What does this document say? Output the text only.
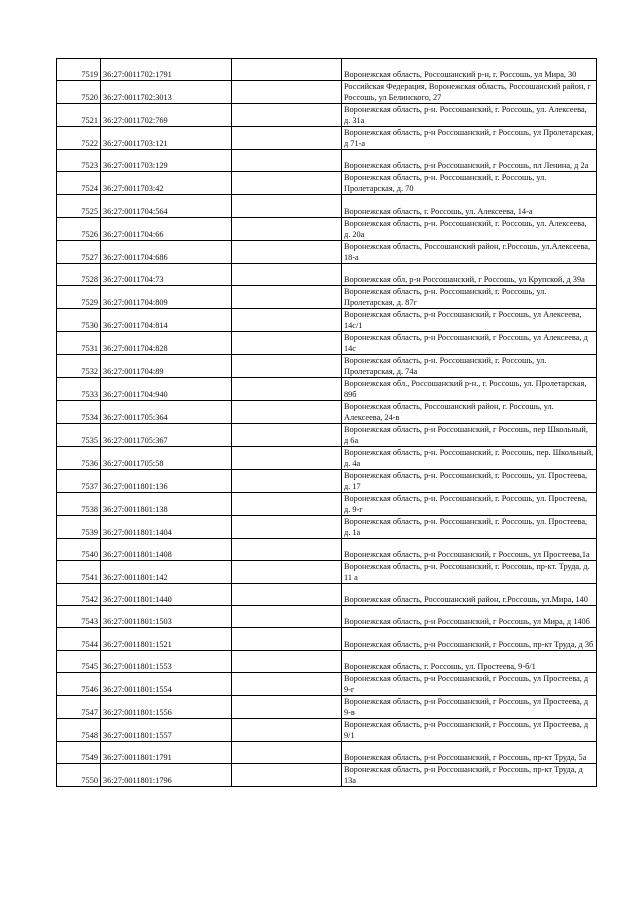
7519	36:27:0011702:1791		Воронежская область, Россошанский р-н, г. Россошь, ул Мира, 30
7520	36:27:0011702:3013		Российская Федерация, Воронежская область, Россошанский район, г Россошь, ул Белинского, 27
7521	36:27:0011702:769		Воронежская область, р-н. Россошанский, г. Россошь, ул. Алексеева, д. 31а
7522	36:27:0011703:121		Воронежская область, р-н Россошанский, г Россошь, ул Пролетарская, д 71-а
7523	36:27:0011703:129		Воронежская область, р-н Россошанский, г Россошь, пл Ленина, д 2а
7524	36:27:0011703:42		Воронежская область, р-н. Россошанский, г. Россошь, ул. Пролетарская, д. 70
7525	36:27:0011704:564		Воронежская область, г. Россошь, ул. Алексеева, 14-а
7526	36:27:0011704:66		Воронежская область, р-н. Россошанский, г. Россошь, ул. Алексеева, д. 20а
7527	36:27:0011704:686		Воронежская область, Россошанский район, г.Россошь, ул.Алексеева, 18-а
7528	36:27:0011704:73		Воронежская обл, р-н Россошанский, г Россошь, ул Крупской, д 39а
7529	36:27:0011704:809		Воронежская область, р-н. Россошанский, г. Россошь, ул. Пролетарская, д. 87г
7530	36:27:0011704:814		Воронежская область, р-н Россошанский, г Россошь, ул Алексеева, 14с/1
7531	36:27:0011704:828		Воронежская область, р-н Россошанский, г Россошь, ул Алексеева, д 14с
7532	36:27:0011704:89		Воронежская область, р-н. Россошанский, г. Россошь, ул. Пролетарская, д. 74а
7533	36:27:0011704:940		Воронежская обл., Россошанский р-н., г. Россошь, ул. Пролетарская, 89б
7534	36:27:0011705:364		Воронежская область, Россошанский район, г. Россошь, ул. Алексеева, 24-в
7535	36:27:0011705:367		Воронежская область, р-н Россошанский, г Россошь, пер Школьный, д 6а
7536	36:27:0011705:58		Воронежская область, р-н. Россошанский, г. Россошь, пер. Школьный, д. 4а
7537	36:27:0011801:136		Воронежская область, р-н. Россошанский, г. Россошь, ул. Простеева, д. 17
7538	36:27:0011801:138		Воронежская область, р-н. Россошанский, г. Россошь, ул. Простеева, д. 9-г
7539	36:27:0011801:1404		Воронежская область, р-н. Россошанский, г. Россошь, ул. Простеева, д. 1а
7540	36:27:0011801:1408		Воронежская область, р-н Россошанский, г Россошь, ул Простеева,1а
7541	36:27:0011801:142		Воронежская область, р-н. Россошанский, г. Россошь, пр-кт. Труда, д. 11 а
7542	36:27:0011801:1440		Воронежская область, Россошанский район, г.Россошь, ул.Мира, 140
7543	36:27:0011801:1503		Воронежская область, р-н Россошанский, г Россошь, ул Мира, д 140б
7544	36:27:0011801:1521		Воронежская область, р-н Россошанский, г Россошь, пр-кт Труда, д 3б
7545	36:27:0011801:1553		Воронежская область, г. Россошь, ул. Простеева, 9-б/1
7546	36:27:0011801:1554		Воронежская область, р-н Россошанский, г Россошь, ул Простеева, д 9-г
7547	36:27:0011801:1556		Воронежская область, р-н Россошанский, г Россошь, ул Простеева, д 9-в
7548	36:27:0011801:1557		Воронежская область, р-н Россошанский, г Россошь, ул Простеева, д 9/1
7549	36:27:0011801:1791		Воронежская область, р-н Россошанский, г Россошь, пр-кт Труда, 5а
7550	36:27:0011801:1796		Воронежская область, р-н Россошанский, г Россошь, пр-кт Труда, д 13а
